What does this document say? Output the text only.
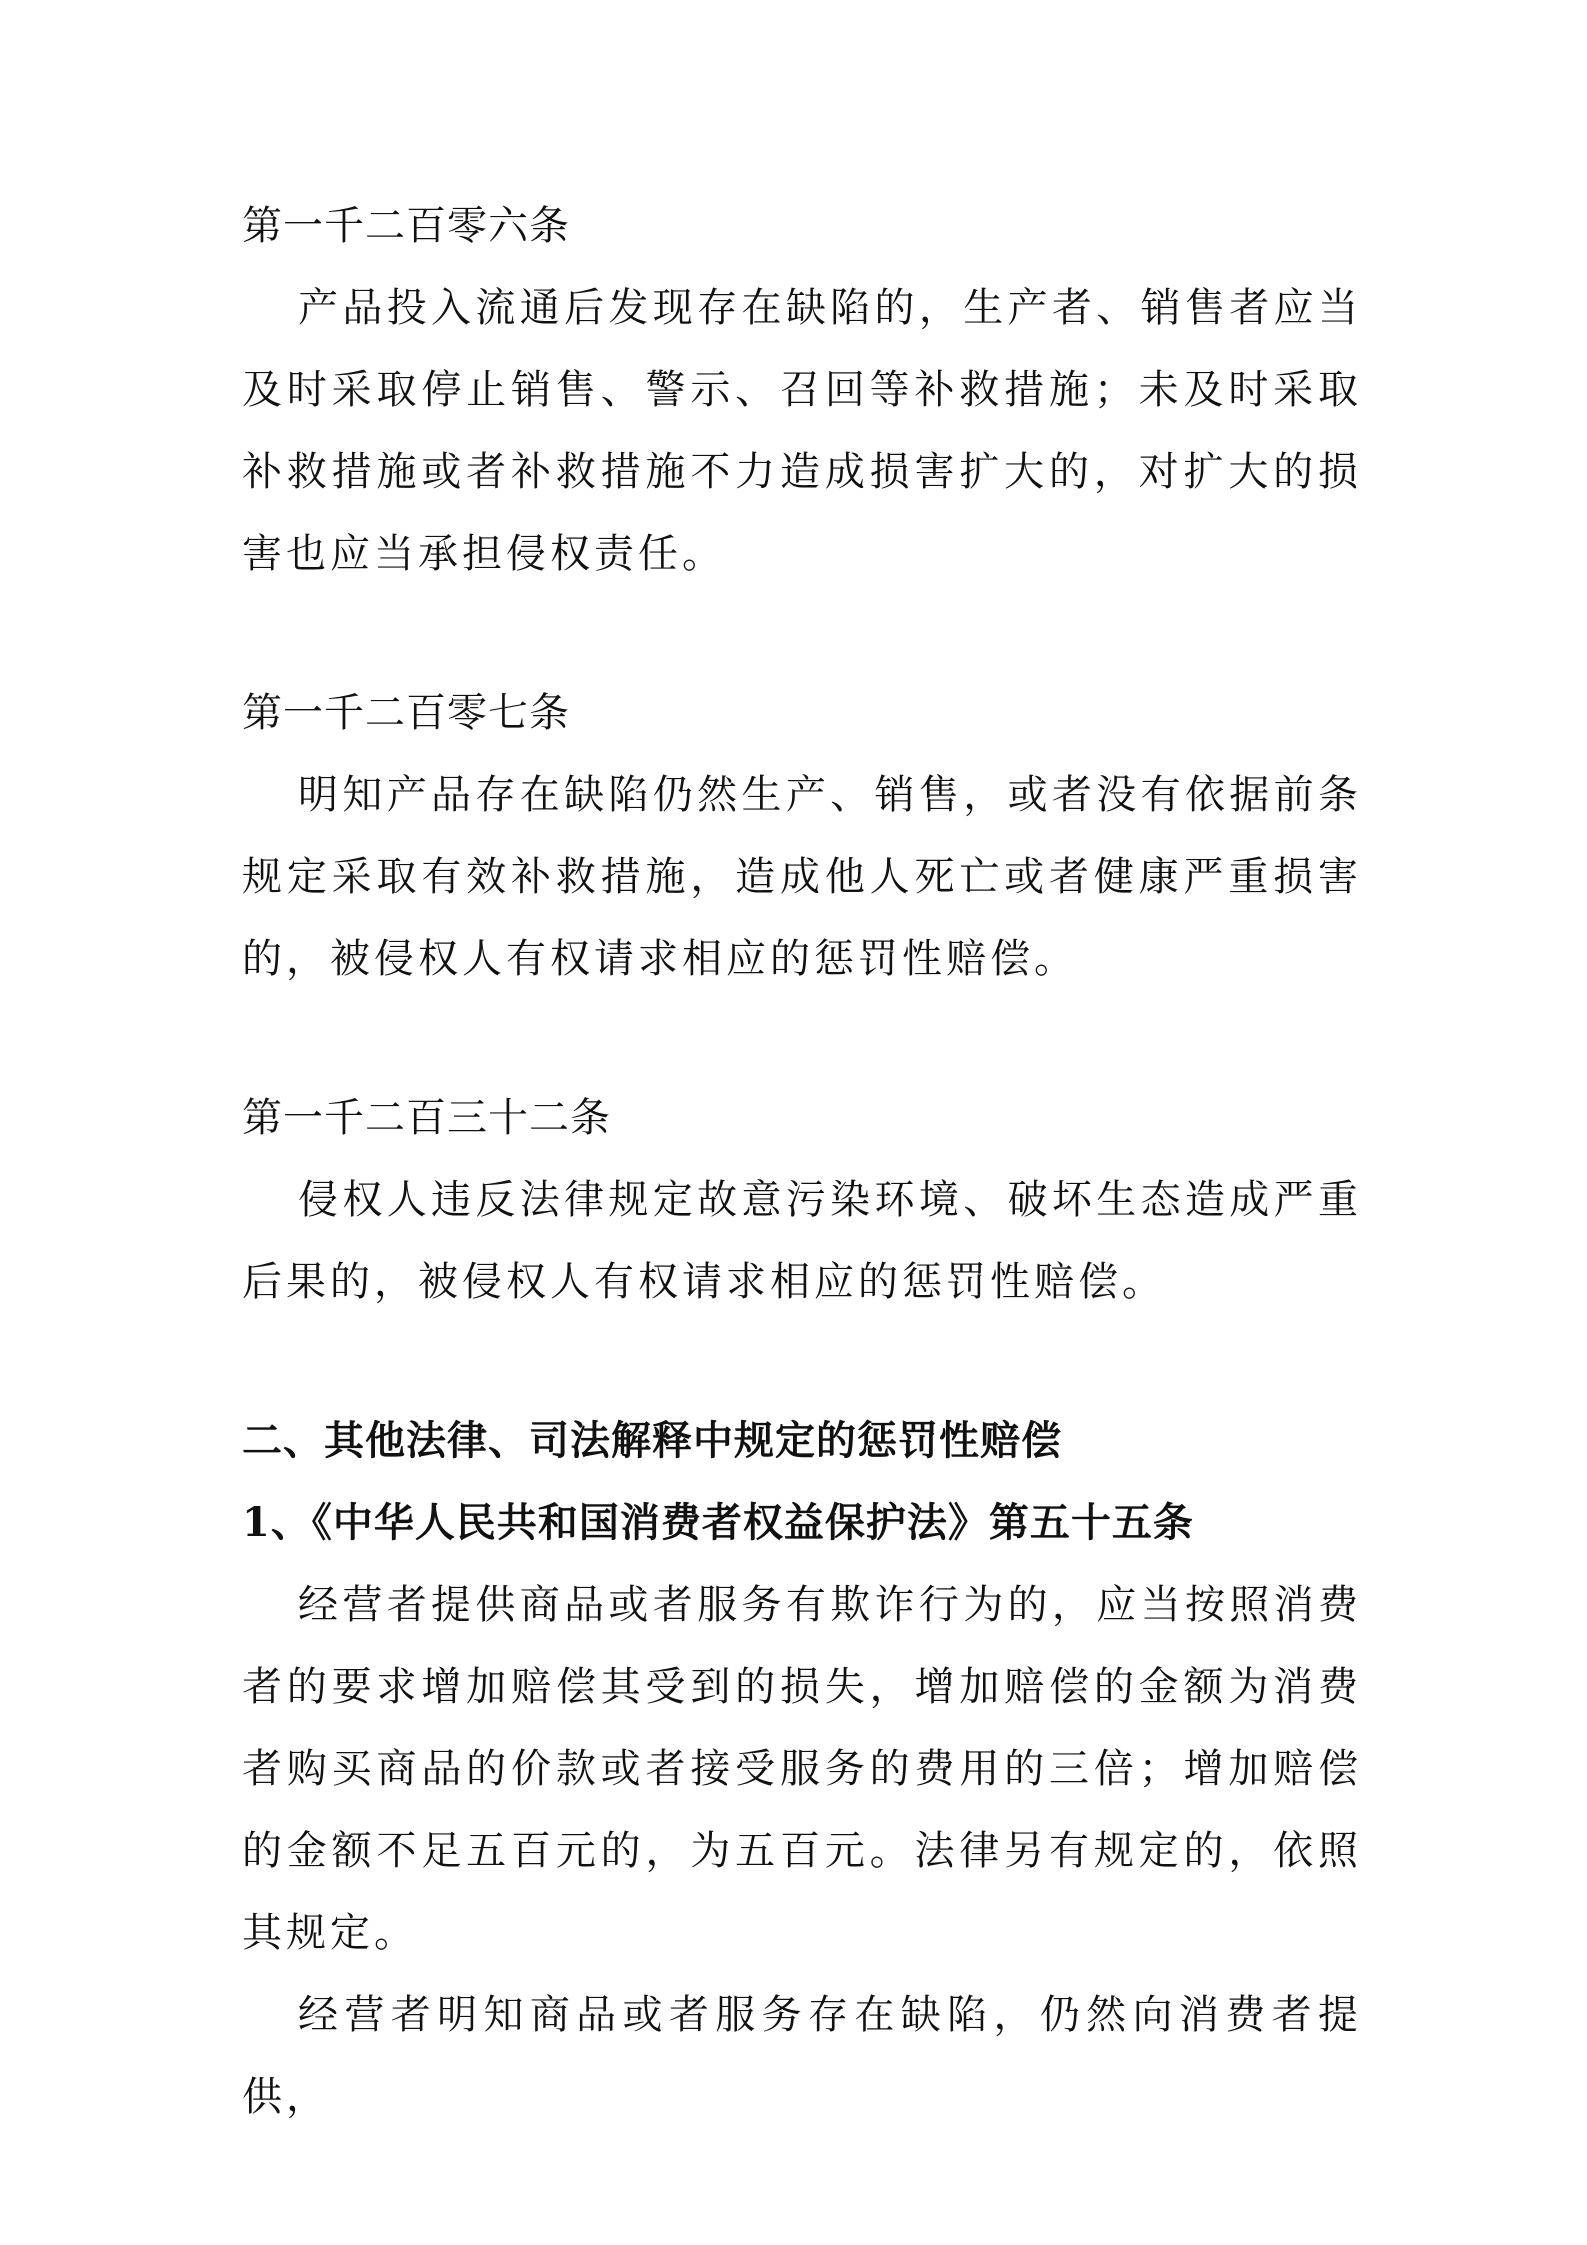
第一千二百零六条

产品投入流通后发现存在缺陷的，生产者、销售者应当及时采取停止销售、警示、召回等补救措施；未及时采取补救措施或者补救措施不力造成损害扩大的，对扩大的损害也应当承担侵权责任。

第一千二百零七条

明知产品存在缺陷仍然生产、销售，或者没有依据前条规定采取有效补救措施，造成他人死亡或者健康严重损害的，被侵权人有权请求相应的惩罚性赔偿。

第一千二百三十二条

侵权人违反法律规定故意污染环境、破坏生态造成严重后果的，被侵权人有权请求相应的惩罚性赔偿。

二、其他法律、司法解释中规定的惩罚性赔偿
1、《中华人民共和国消费者权益保护法》第五十五条

经营者提供商品或者服务有欺诈行为的，应当按照消费者的要求增加赔偿其受到的损失，增加赔偿的金额为消费者购买商品的价款或者接受服务的费用的三倍；增加赔偿的金额不足五百元的，为五百元。法律另有规定的，依照其规定。

经营者明知商品或者服务存在缺陷，仍然向消费者提供，
